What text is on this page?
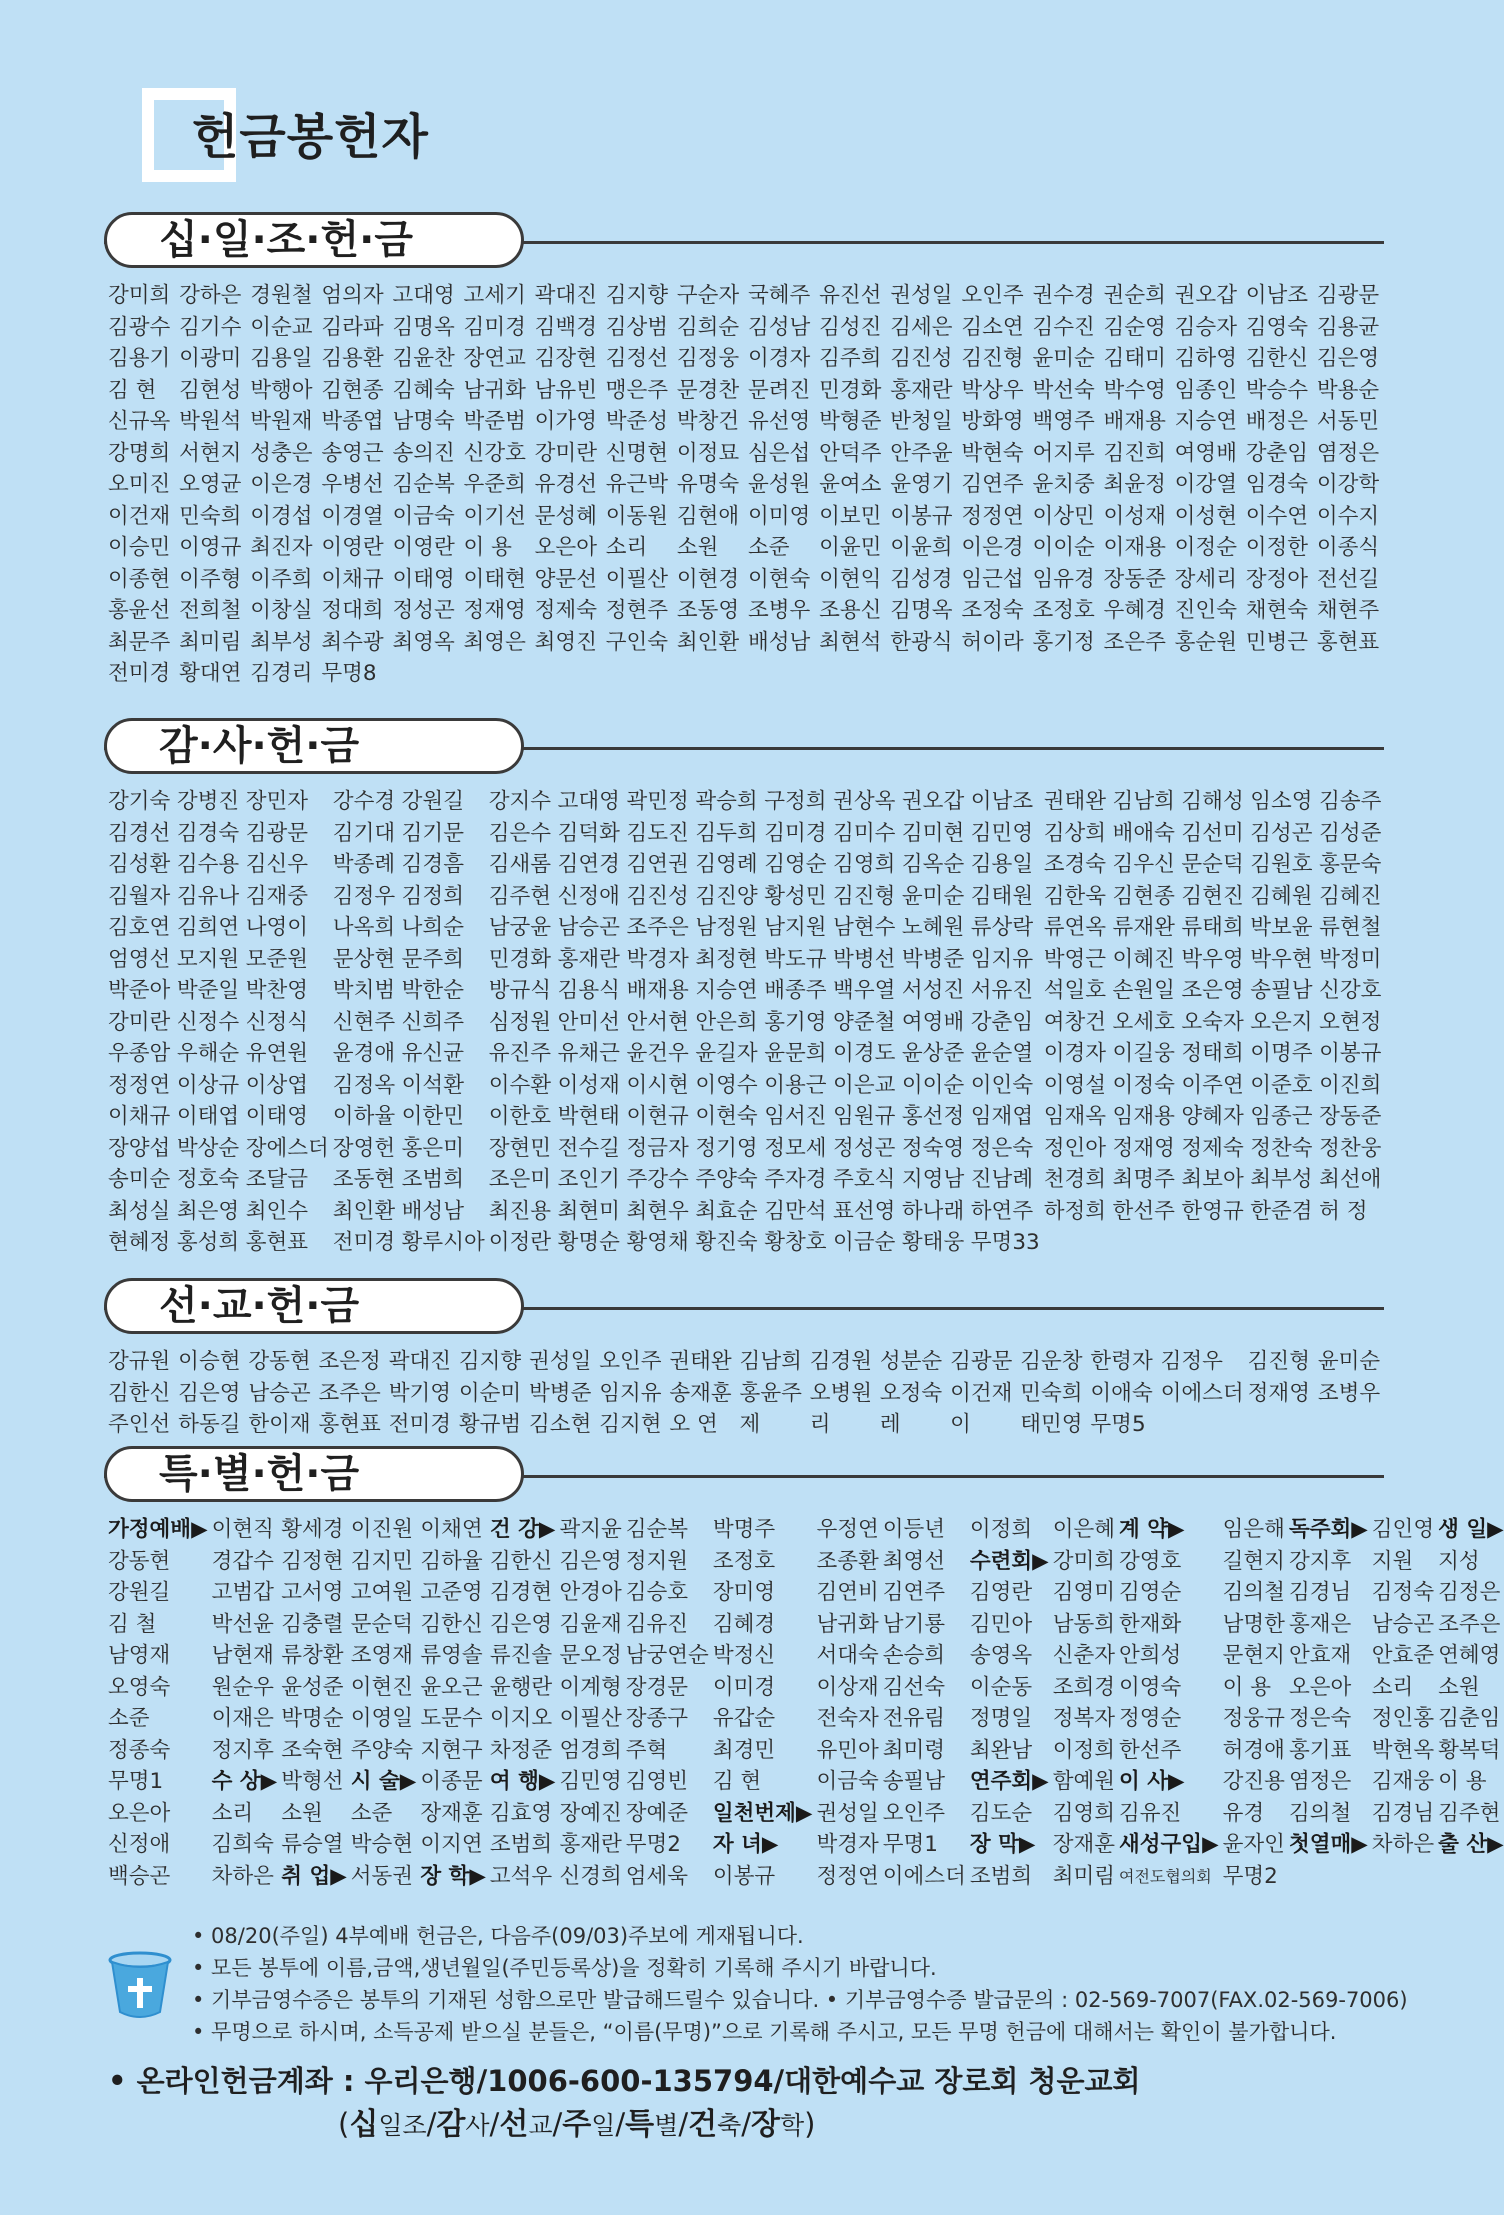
헌금봉헌자
십·일·조·헌·금
강미희 강하은 경원철 엄의자 고대영 고세기 곽대진 김지향 구순자 국혜주 유진선 권성일 오인주 권수경 권순희 권오갑 이남조 김광문
김광수 김기수 이순교 김라파 김명옥 김미경 김백경 김상범 김희순 김성남 김성진 김세은 김소연 김수진 김순영 김승자 김영숙 김용균
김용기 이광미 김용일 김용환 김윤찬 장연교 김장현 김정선 김정웅 이경자 김주희 김진성 김진형 윤미순 김태미 김하영 김한신 김은영
김 현	김현성 박행아 김현종 김혜숙 남귀화 남유빈 맹은주 문경찬 문려진 민경화 홍재란 박상우 박선숙 박수영 임종인 박승수 박용순
신규옥 박원석 박원재 박종엽 남명숙 박준범 이가영 박준성 박창건 유선영 박형준 반청일 방화영 백영주 배재용 지승연 배정은 서동민
강명희 서현지 성충은 송영근 송의진 신강호 강미란 신명현 이정묘 심은섭 안덕주 안주윤 박현숙 어지루 김진희 여영배 강춘임 염정은
오미진 오영균 이은경 우병선 김순복 우준희 유경선 유근박 유명숙 윤성원 윤여소 윤영기 김연주 윤치중 최윤정 이강열 임경숙 이강학
이건재 민숙희 이경섭 이경열 이금숙 이기선 문성혜 이동원 김현애 이미영 이보민 이봉규 정정연 이상민 이성재 이성현 이수연 이수지
이승민 이영규 최진자 이영란 이영란 이 용	오은아 소리	소원	소준	이윤민 이윤희 이은경 이이순 이재용 이정순 이정한 이종식
이종현 이주형 이주희 이채규 이태영 이태현 양문선 이필산 이현경 이현숙 이현익 김성경 임근섭 임유경 장동준 장세리 장정아 전선길
홍윤선 전희철 이창실 정대희 정성곤 정재영 정제숙 정현주 조동영 조병우 조용신 김명옥 조정숙 조정호 우혜경 진인숙 채현숙 채현주
최문주 최미림 최부성 최수광 최영옥 최영은 최영진 구인숙 최인환 배성남 최현석 한광식 허이라 홍기정 조은주 홍순원 민병근 홍현표
전미경 황대연 김경리 무명8
감·사·헌·금
강기숙 강병진 장민자	강수경 강원길	강지수 고대영 곽민정 곽승희 구정희 권상옥 권오갑 이남조 권태완 김남희 김해성 임소영 김송주
김경선 김경숙 김광문	김기대 김기문	김은수 김덕화 김도진 김두희 김미경 김미수 김미현 김민영 김상희 배애숙 김선미 김성곤 김성준
김성환 김수용 김신우	박종례 김경흠	김새롬 김연경 김연권 김영례 김영순 김영희 김옥순 김용일 조경숙 김우신 문순덕 김원호 홍문숙
김월자 김유나 김재중	김정우 김정희	김주현 신정애 김진성 김진양 황성민 김진형 윤미순 김태원 김한욱 김현종 김현진 김혜원 김혜진
김호연 김희연 나영이	나옥희 나희순	남궁윤 남승곤 조주은 남정원 남지원 남현수 노혜원 류상락 류연옥 류재완 류태희 박보윤 류현철
엄영선 모지원 모준원	문상현 문주희	민경화 홍재란 박경자 최정현 박도규 박병선 박병준 임지유 박영근 이혜진 박우영 박우현 박정미
박준아 박준일 박찬영	박치범 박한순	방규식 김용식 배재용 지승연 배종주 백우열 서성진 서유진 석일호 손원일 조은영 송필남 신강호
강미란 신정수 신정식	신현주 신희주	심정원 안미선 안서현 안은희 홍기영 양준철 여영배 강춘임 여창건 오세호 오숙자 오은지 오현정
우종암 우해순 유연원	윤경애 유신균	유진주 유채근 윤건우 윤길자 윤문희 이경도 윤상준 윤순열 이경자 이길웅 정태희 이명주 이봉규
정정연 이상규 이상엽	김정옥 이석환	이수환 이성재 이시현 이영수 이용근 이은교 이이순 이인숙 이영설 이정숙 이주연 이준호 이진희
이채규 이태엽 이태영	이하율 이한민	이한호 박현태 이현규 이현숙 임서진 임원규 홍선정 임재엽 임재옥 임재용 양혜자 임종근 장동준
장양섭 박상순 장에스더 장영헌 홍은미	장현민 전수길 정금자 정기영 정모세 정성곤 정숙영 정은숙 정인아 정재영 정제숙 정찬숙 정찬웅
송미순 정호숙 조달금	조동현 조범희	조은미 조인기 주강수 주양숙 주자경 주호식 지영남 진남례 천경희 최명주 최보아 최부성 최선애
최성실 최은영 최인수	최인환 배성남	최진용 최현미 최현우 최효순 김만석 표선영 하나래 하연주 하정희 한선주 한영규 한준겸 허 정
현혜정 홍성희 홍현표	전미경 황루시아 이정란 황명순 황영채 황진숙 황창호 이금순 황태웅 무명33
선·교·헌·금
강규원 이승현 강동현 조은정 곽대진 김지향 권성일 오인주 권태완 김남희 김경원 성분순 김광문 김운창 한령자 김정우	김진형 윤미순
김한신 김은영 남승곤 조주은 박기영 이순미 박병준 임지유 송재훈 홍윤주 오병원 오정숙 이건재 민숙희 이애숙 이에스더 정재영 조병우
주인선 하동길 한이재 홍현표 전미경 황규범 김소현 김지현 오 연	제	리	레	이	태민영 무명5
특·별·헌·금
가정예배▶ 이현직 황세경 이진원 이채연 건 강▶ 곽지윤 김순복	박명주	우정연 이등년	이정희 이은혜 계 약▶	임은해 독주회▶ 김인영 생 일▶
강동현	경갑수 김정현 김지민 김하율 김한신 김은영 정지원	조정호	조종환 최영선	수련회▶ 강미희 강영호	길현지 강지후 지원	지성
강원길	고범갑 고서영 고여원 고준영 김경현 안경아 김승호	장미영	김연비 김연주	김영란 김영미 김영순	김의철 김경님 김정숙 김정은
김 철	박선윤 김충렬 문순덕 김한신 김은영 김윤재 김유진	김혜경	남귀화 남기룡	김민아 남동희 한재화	남명한 홍재은 남승곤 조주은
남영재	남현재 류창환 조영재 류영솔 류진솔 문오정 남궁연순 박정신	서대숙 손승희	송영옥 신춘자 안희성	문현지 안효재 안효준 연혜영
오영숙	원순우 윤성준 이현진 윤오근 윤행란 이계형 장경문	이미경	이상재 김선숙	이순동 조희경 이영숙	이 용 오은아 소리	소원
소준	이재은 박명순 이영일 도문수 이지오 이필산 장종구	유갑순	전숙자 전유림	정명일 정복자 정영순	정웅규 정은숙 정인홍 김춘임
정종숙	정지후 조숙현 주양숙 지현구 차정준 엄경희 주혁	최경민	유민아 최미령	최완남 이정희 한선주	허경애 홍기표 박현옥 황복덕
무명1	수 상▶ 박형선 시 술▶ 이종문 여 행▶ 김민영 김영빈	김 현	이금숙 송필남	연주회▶ 함예원 이 사▶	강진용 염정은 김재웅 이 용
오은아	소리	소원	소준	장재훈 김효영 장예진 장예준	일천번제▶ 권성일 오인주	김도순 김영희 김유진	유경	김의철 김경님 김주현
신정애	김희숙 류승열 박승현 이지연 조범희 홍재란 무명2	자 녀▶	박경자 무명1	장 막▶ 장재훈 새성구입▶ 윤자인 첫열매▶ 차하은 출 산▶
백승곤	차하은 취 업▶ 서동권 장 학▶ 고석우 신경희 엄세욱	이봉규	정정연 이에스더 조범희 최미림 여전도협의회 무명2
• 08/20(주일) 4부예배 헌금은, 다음주(09/03)주보에 게재됩니다.
• 모든 봉투에 이름,금액,생년월일(주민등록상)을 정확히 기록해 주시기 바랍니다.
• 기부금영수증은 봉투의 기재된 성함으로만 발급해드릴수 있습니다. • 기부금영수증 발급문의 : 02-569-7007(FAX.02-569-7006)
• 무명으로 하시며, 소득공제 받으실 분들은, “이름(무명)”으로 기록해 주시고, 모든 무명 헌금에 대해서는 확인이 불가합니다.
• 온라인헌금계좌 : 우리은행/1006-600-135794/대한예수교 장로회 청운교회
(십일조/감사/선교/주일/특별/건축/장학)
